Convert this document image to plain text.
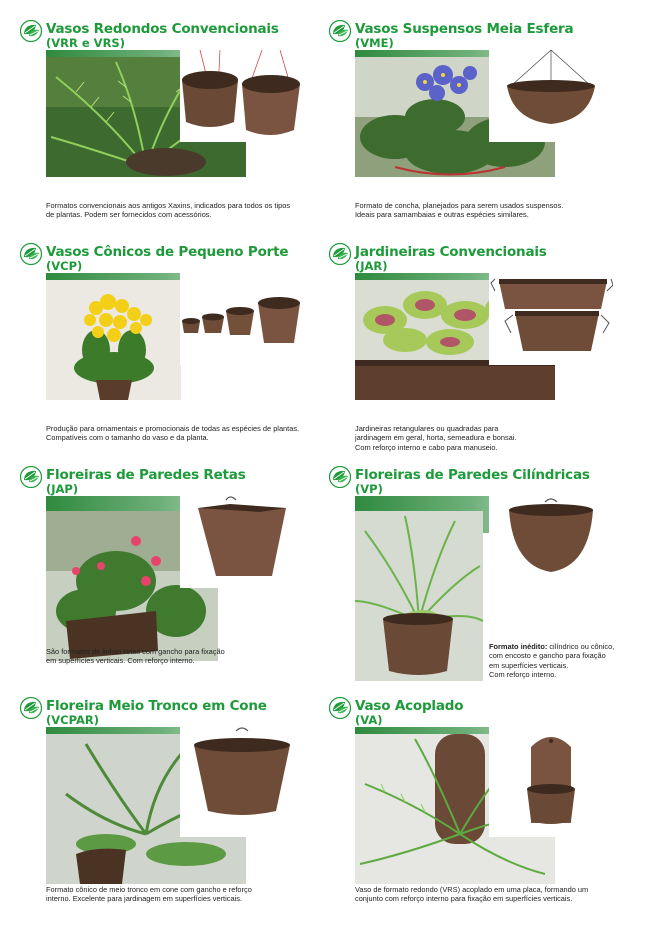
Vasos Redondos Convencionais
(VRR e VRS)

Formatos convencionais aos antigos Xaxins, indicados para todos os tipos

de plantas. Podem ser fornecidos com acessórios.

Vasos Suspensos Meia Esfera
(VME)

Formato de concha, planejados para serem usados suspensos.

Ideais para samambaias e outras espécies similares.

Vasos Cônicos de Pequeno Porte
(VCP)

Produção para ornamentais e promocionais de todas as espécies de plantas.

Compatíveis com o tamanho do vaso e da planta.

Jardineiras Convencionais
(JAR)

Jardineiras retangulares ou quadradas para

jardinagem em geral, horta, semeadura e bonsai.

Com reforço interno e cabo para manuseio.

Floreiras de Paredes Retas
(JAP)

São formatos de linhas retas com gancho para fixação

em superfícies verticais. Com reforço interno.

Floreiras de Paredes Cilíndricas
(VP)

Formato inédito: cilíndrico ou cônico,

com encosto e gancho para fixação

em superfícies verticais.

Com reforço interno.

Floreira Meio Tronco em Cone
(VCPAR)

Formato cônico de meio tronco em cone com gancho e reforço

interno. Excelente para jardinagem em superfícies verticais.

Vaso Acoplado
(VA)

Vaso de formato redondo (VRS) acoplado em uma placa, formando um

conjunto com reforço interno para fixação em superfícies verticais.
